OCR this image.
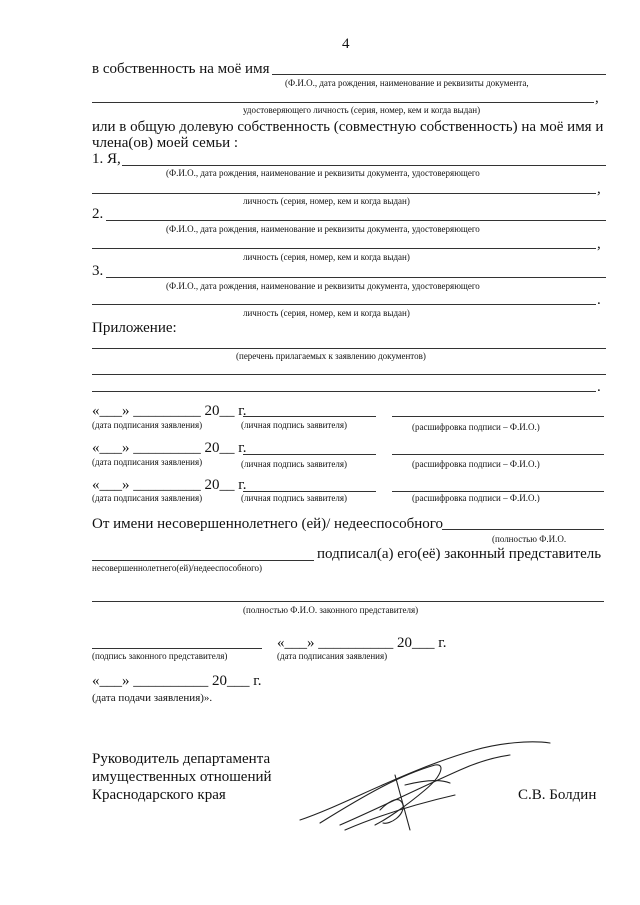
4
в собственность на моё имя
(Ф.И.О., дата рождения, наименование и реквизиты документа,
,
удостоверяющего личность (серия, номер, кем и когда выдан)
или в общую долевую собственность (совместную собственность) на моё имя и
члена(ов) моей семьи :
1. Я,
(Ф.И.О., дата рождения, наименование и реквизиты документа, удостоверяющего
,
личность (серия, номер, кем и когда выдан)
2.
(Ф.И.О., дата рождения, наименование и реквизиты документа, удостоверяющего
,
личность (серия, номер, кем и когда выдан)
3.
(Ф.И.О., дата рождения, наименование и реквизиты документа, удостоверяющего
.
личность (серия, номер, кем и когда выдан)
Приложение:
(перечень прилагаемых к заявлению документов)
.
«___» _________ 20__ г.
(дата подписания заявления)	(личная подпись заявителя)	(расшифровка подписи – Ф.И.О.)
«___» _________ 20__ г.
(дата подписания заявления)	(личная подпись заявителя)	(расшифровка подписи – Ф.И.О.)
«___» _________ 20__ г.
(дата подписания заявления)	(личная подпись заявителя)	(расшифровка подписи – Ф.И.О.)
От имени несовершеннолетнего (ей)/ недееспособного
(полностью Ф.И.О.
подписал(а) его(её) законный представитель
несовершеннолетнего(ей)/недееспособного)
(полностью Ф.И.О. законного представителя)
«___» __________ 20___ г.
(подпись законного представителя)	(дата подписания заявления)
«___» __________ 20___ г.
(дата подачи заявления)».
Руководитель департамента
имущественных отношений
Краснодарского края	С.В. Болдин
